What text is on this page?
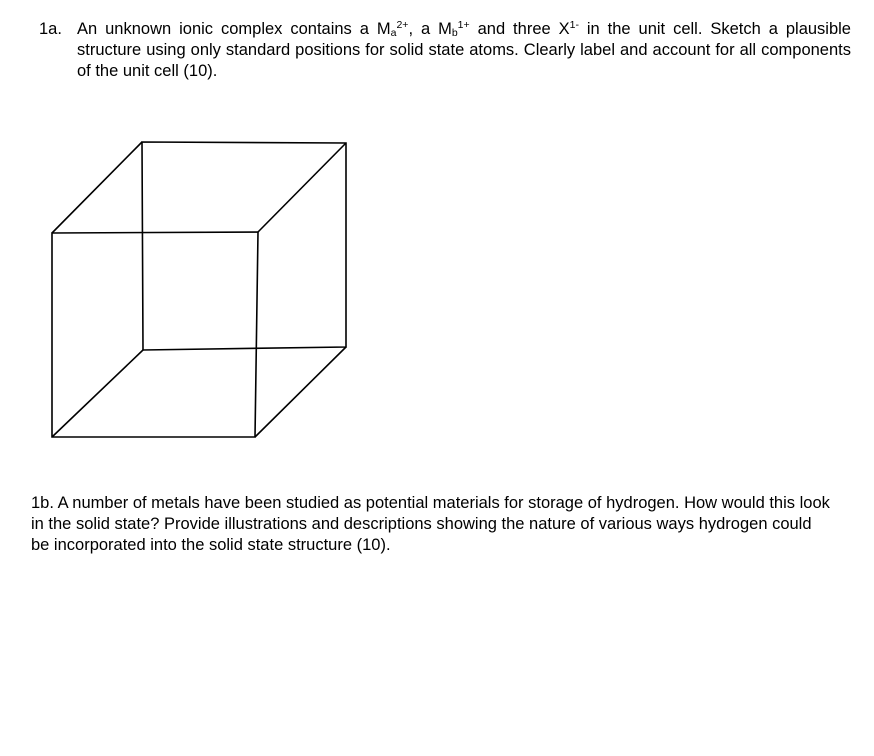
1a. An unknown ionic complex contains a $M_a^{2+}$, a $M_b^{1+}$ and three $X^{1-}$ in the unit cell. Sketch a plausible structure using only standard positions for solid state atoms. Clearly label and account for all components of the unit cell (10).
1b. A number of metals have been studied as potential materials for storage of hydrogen. How would this look in the solid state? Provide illustrations and descriptions showing the nature of various ways hydrogen could be incorporated into the solid state structure (10).
